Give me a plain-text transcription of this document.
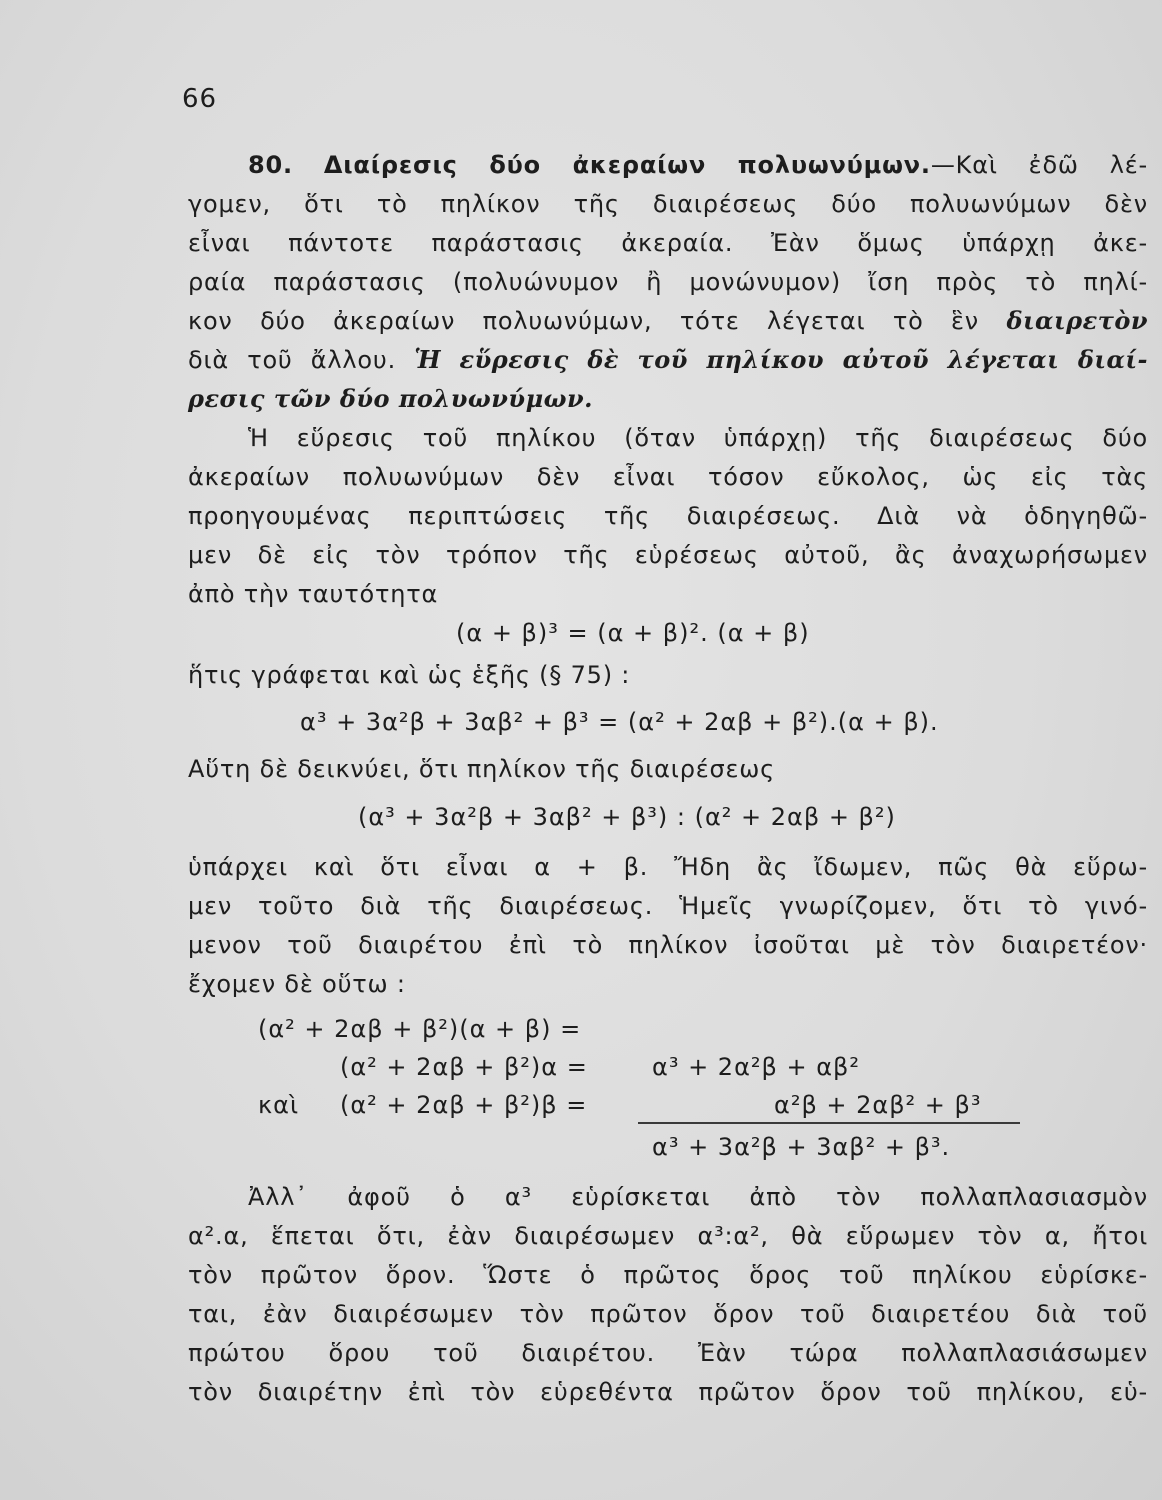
66
80. Διαίρεσις δύο ἀκεραίων πολυωνύμων.—Καὶ ἐδῶ λέ-
γομεν, ὅτι τὸ πηλίκον τῆς διαιρέσεως δύο πολυωνύμων δὲν
εἶναι πάντοτε παράστασις ἀκεραία. Ἐὰν ὅμως ὑπάρχῃ ἀκε-
ραία παράστασις (πολυώνυμον ἢ μονώνυμον) ἴση πρὸς τὸ πηλί-
κον δύο ἀκεραίων πολυωνύμων, τότε λέγεται τὸ ἓν διαιρετὸν
διὰ τοῦ ἄλλου. Ἡ εὕρεσις δὲ τοῦ πηλίκου αὐτοῦ λέγεται διαί-
ρεσις τῶν δύο πολυωνύμων.
Ἡ εὕρεσις τοῦ πηλίκου (ὅταν ὑπάρχῃ) τῆς διαιρέσεως δύο
ἀκεραίων πολυωνύμων δὲν εἶναι τόσον εὔκολος, ὡς εἰς τὰς
προηγουμένας περιπτώσεις τῆς διαιρέσεως. Διὰ νὰ ὁδηγηθῶ-
μεν δὲ εἰς τὸν τρόπον τῆς εὑρέσεως αὐτοῦ, ἂς ἀναχωρήσωμεν
ἀπὸ τὴν ταυτότητα
(α + β)³ = (α + β)². (α + β)
ἥτις γράφεται καὶ ὡς ἑξῆς (§ 75) :
α³ + 3α²β + 3αβ² + β³ = (α² + 2αβ + β²).(α + β).
Αὕτη δὲ δεικνύει, ὅτι πηλίκον τῆς διαιρέσεως
(α³ + 3α²β + 3αβ² + β³) : (α² + 2αβ + β²)
ὑπάρχει καὶ ὅτι εἶναι α + β. Ἤδη ἂς ἴδωμεν, πῶς θὰ εὕρω-
μεν τοῦτο διὰ τῆς διαιρέσεως. Ἡμεῖς γνωρίζομεν, ὅτι τὸ γινό-
μενον τοῦ διαιρέτου ἐπὶ τὸ πηλίκον ἰσοῦται μὲ τὸν διαιρετέον·
ἔχομεν δὲ οὕτω :
(α² + 2αβ + β²)(α + β) =
(α² + 2αβ + β²)α =	α³ + 2α²β + αβ²
καὶ (α² + 2αβ + β²)β =	α²β + 2αβ² + β³
α³ + 3α²β + 3αβ² + β³.
Ἀλλ᾿ ἀφοῦ ὁ α³ εὑρίσκεται ἀπὸ τὸν πολλαπλασιασμὸν
α².α, ἕπεται ὅτι, ἐὰν διαιρέσωμεν α³:α², θὰ εὕρωμεν τὸν α, ἤτοι
τὸν πρῶτον ὅρον. Ὥστε ὁ πρῶτος ὅρος τοῦ πηλίκου εὑρίσκε-
ται, ἐὰν διαιρέσωμεν τὸν πρῶτον ὅρον τοῦ διαιρετέου διὰ τοῦ
πρώτου ὅρου τοῦ διαιρέτου. Ἐὰν τώρα πολλαπλασιάσωμεν
τὸν διαιρέτην ἐπὶ τὸν εὑρεθέντα πρῶτον ὅρον τοῦ πηλίκου, εὑ-
